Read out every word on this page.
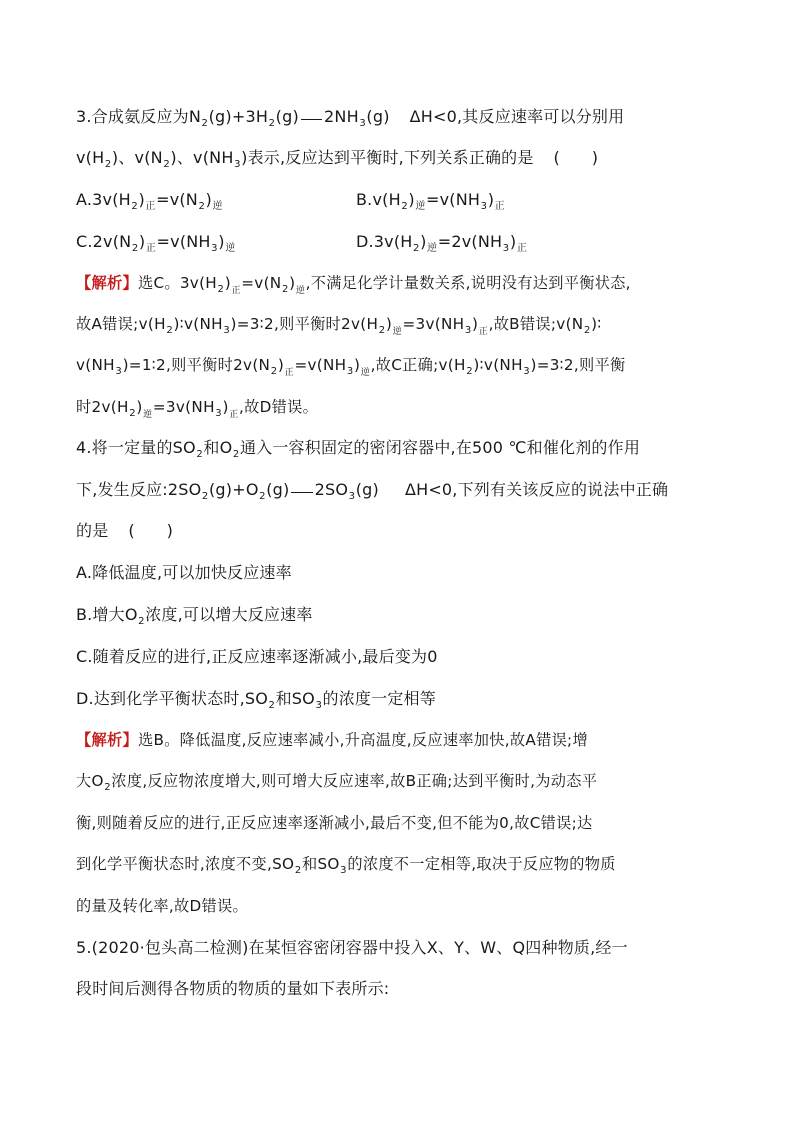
3.合成氨反应为$N_2(g)+3H_2(g)$ $2NH_3(g)$ ΔH<0,其反应速率可以分别用
$v(H_2)$、$v(N_2)$、$v(NH_3)$表示,反应达到平衡时,下列关系正确的是 (　　)
$A.3v(H_2)_正=v(N_2)_逆$	$B.v(H_2)_逆=v(NH_3)_正$
$C.2v(N_2)_正=v(NH_3)_逆$	$D.3v(H_2)_逆=2v(NH_3)_正$
【解析】选C。$3v(H_2)_正=v(N_2)_逆$,不满足化学计量数关系,说明没有达到平衡状态,
故A错误$;v(H_2)∶v(NH_3)=3∶2$,则平衡时$2v(H_2)_逆=3v(NH_3)_正$,故B错误$;v(N_2)∶$
$v(NH_3)=1∶2$,则平衡时$2v(N_2)_正=v(NH_3)_逆$,故C正确$;v(H_2)∶v(NH_3)=3∶2$,则平衡
时$2v(H_2)_逆=3v(NH_3)_正$,故D错误。
4.将一定量的$SO_2$和$O_2$通入一容积固定的密闭容器中,在500 ℃和催化剂的作用
下,发生反应$:2SO_2(g)+O_2(g)$ $2SO_3(g)$ ΔH<0,下列有关该反应的说法中正确
的是 (　　)
A.降低温度,可以加快反应速率
B.增大$O_2$浓度,可以增大反应速率
C.随着反应的进行,正反应速率逐渐减小,最后变为0
D.达到化学平衡状态时$,SO_2$和$SO_3$的浓度一定相等
【解析】选B。降低温度,反应速率减小,升高温度,反应速率加快,故A错误;增
大$O_2$浓度,反应物浓度增大,则可增大反应速率,故B正确;达到平衡时,为动态平
衡,则随着反应的进行,正反应速率逐渐减小,最后不变,但不能为0,故C错误;达
到化学平衡状态时,浓度不变$,SO_2$和$SO_3$的浓度不一定相等,取决于反应物的物质
的量及转化率,故D错误。
5.(2020·包头高二检测)在某恒容密闭容器中投入X、Y、W、Q四种物质,经一
段时间后测得各物质的物质的量如下表所示:
